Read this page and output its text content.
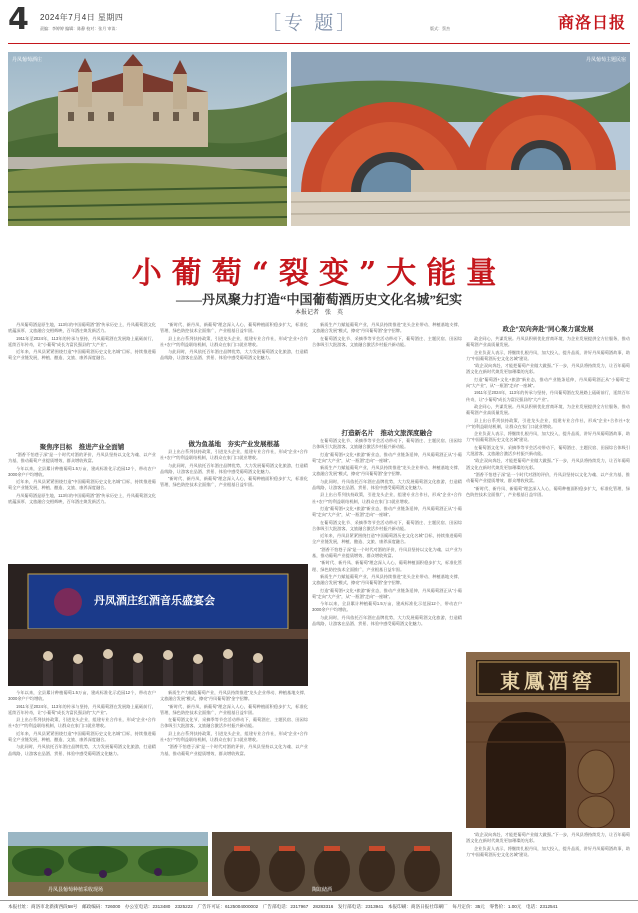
4 2024年7月4日 星期四
责编：李婷婷 编辑：陈静 校对：张月 审读：	［专 题］	版式：蔡杰	商洛日报
丹凤葡萄酒庄	丹凤葡萄主题民宿
小葡萄“裂变”大能量
——丹凤聚力打造“中国葡萄酒历史文化名城”纪实
本报记者　张　英

丹凤葡萄酒是原生地，113年的中国葡萄酒“酒”传承历史上，丹凤葡萄酒文化底蕴深厚、文旅融合交相辉映，百年酒庄焕发新活力。

1911年至2024年，113年的传承与坚持，丹凤葡萄酒在发展路上砥砺前行，延续百年传奇，让“小葡萄”成长为富民强县的“大产业”。

近年来，丹凤县紧紧围绕打造“中国葡萄酒历史文化名城”目标，持续推进葡萄全产业链发展，种植、酿造、文旅、康养深度融合。

聚焦序目标　推进产业全面铺

“酒香不怕巷子深”是一个时代对酒的评价，丹凤县坚持以文化为魂、以产业为基，推动葡萄产业提质增效、群众增收致富。

今年以来，全县累计种植葡萄1.5万亩，建成标准化示范园12个，带动农户3000余户户均增收。

近年来，丹凤县紧紧围绕打造“中国葡萄酒历史文化名城”目标，持续推进葡萄全产业链发展，种植、酿造、文旅、康养深度融合。

丹凤葡萄酒是原生地，113年的中国葡萄酒“酒”传承历史上，丹凤葡萄酒文化底蕴深厚、文旅融合交相辉映，百年酒庄焕发新活力。

“新时代、新丹凤、新葡萄”理念深入人心，葡萄种植面积稳步扩大，标准化管理、绿色防控技术全面推广，产业根基日益牢固。

县上出台系列扶持政策，引进龙头企业，组建专业合作社，形成“企业+合作社+农户”的利益联结机制，让群众在家门口就业增收。

与此同时，丹凤依托百年酒庄品牌优势，大力发展葡萄酒文化旅游，打造精品线路，让游客在品酒、赏景、体验中感受葡萄酒文化魅力。

做为鱼基地　夯实产业发展根基

县上出台系列扶持政策，引进龙头企业，组建专业合作社，形成“企业+合作社+农户”的利益联结机制，让群众在家门口就业增收。

与此同时，丹凤依托百年酒庄品牌优势，大力发展葡萄酒文化旅游，打造精品线路，让游客在品酒、赏景、体验中感受葡萄酒文化魅力。

“新时代、新丹凤、新葡萄”理念深入人心，葡萄种植面积稳步扩大，标准化管理、绿色防控技术全面推广，产业根基日益牢固。

新质生产力赋能葡萄产业，丹凤县持续推进“龙头企业带动、种植基地支撑、文旅融合发展”模式，擦亮“丹凤葡萄酒”金字招牌。

在葡萄酒文化节、采摘季等节会活动带动下，葡萄酒庄、主题民宿、田园综合体吸引大批游客，文旅融合激活乡村振兴新动能。

打造新名片　推动文旅深度融合

在葡萄酒文化节、采摘季等节会活动带动下，葡萄酒庄、主题民宿、田园综合体吸引大批游客，文旅融合激活乡村振兴新动能。

打造“葡萄酒+文化+旅游”新业态，推动产业链条延伸，丹凤葡萄酒正从“小葡萄”走向“大产业”，从“一瓶酒”走向“一座城”。

新质生产力赋能葡萄产业，丹凤县持续推进“龙头企业带动、种植基地支撑、文旅融合发展”模式，擦亮“丹凤葡萄酒”金字招牌。

与此同时，丹凤依托百年酒庄品牌优势，大力发展葡萄酒文化旅游，打造精品线路，让游客在品酒、赏景、体验中感受葡萄酒文化魅力。

县上出台系列扶持政策，引进龙头企业，组建专业合作社，形成“企业+合作社+农户”的利益联结机制，让群众在家门口就业增收。

打造“葡萄酒+文化+旅游”新业态，推动产业链条延伸，丹凤葡萄酒正从“小葡萄”走向“大产业”，从“一瓶酒”走向“一座城”。

在葡萄酒文化节、采摘季等节会活动带动下，葡萄酒庄、主题民宿、田园综合体吸引大批游客，文旅融合激活乡村振兴新动能。

近年来，丹凤县紧紧围绕打造“中国葡萄酒历史文化名城”目标，持续推进葡萄全产业链发展，种植、酿造、文旅、康养深度融合。

“酒香不怕巷子深”是一个时代对酒的评价，丹凤县坚持以文化为魂、以产业为基，推动葡萄产业提质增效、群众增收致富。

“新时代、新丹凤、新葡萄”理念深入人心，葡萄种植面积稳步扩大，标准化管理、绿色防控技术全面推广，产业根基日益牢固。

新质生产力赋能葡萄产业，丹凤县持续推进“龙头企业带动、种植基地支撑、文旅融合发展”模式，擦亮“丹凤葡萄酒”金字招牌。

打造“葡萄酒+文化+旅游”新业态，推动产业链条延伸，丹凤葡萄酒正从“小葡萄”走向“大产业”，从“一瓶酒”走向“一座城”。

今年以来，全县累计种植葡萄1.5万亩，建成标准化示范园12个，带动农户3000余户户均增收。

与此同时，丹凤依托百年酒庄品牌优势，大力发展葡萄酒文化旅游，打造精品线路，让游客在品酒、赏景、体验中感受葡萄酒文化魅力。

政企“双向奔赴”同心聚力谋发展

政企同心，共谋发展。丹凤县积极优化营商环境，为企业发展提供全方位服务，推动葡萄酒产业高质量发展。

企业负责人表示，将继续扎根丹凤，加大投入，提升品质，讲好丹凤葡萄酒故事，助力“中国葡萄酒历史文化名城”建设。

“政企双向奔赴，才能把葡萄产业做大做强。”下一步，丹凤县将持续发力，让百年葡萄酒文化在新时代焕发更加璀璨的光彩。

打造“葡萄酒+文化+旅游”新业态，推动产业链条延伸，丹凤葡萄酒正从“小葡萄”走向“大产业”，从“一瓶酒”走向“一座城”。

1911年至2024年，113年的传承与坚持，丹凤葡萄酒在发展路上砥砺前行，延续百年传奇，让“小葡萄”成长为富民强县的“大产业”。

政企同心，共谋发展。丹凤县积极优化营商环境，为企业发展提供全方位服务，推动葡萄酒产业高质量发展。

县上出台系列扶持政策，引进龙头企业，组建专业合作社，形成“企业+合作社+农户”的利益联结机制，让群众在家门口就业增收。

企业负责人表示，将继续扎根丹凤，加大投入，提升品质，讲好丹凤葡萄酒故事，助力“中国葡萄酒历史文化名城”建设。

在葡萄酒文化节、采摘季等节会活动带动下，葡萄酒庄、主题民宿、田园综合体吸引大批游客，文旅融合激活乡村振兴新动能。

“政企双向奔赴，才能把葡萄产业做大做强。”下一步，丹凤县将持续发力，让百年葡萄酒文化在新时代焕发更加璀璨的光彩。

“酒香不怕巷子深”是一个时代对酒的评价，丹凤县坚持以文化为魂、以产业为基，推动葡萄产业提质增效、群众增收致富。

“新时代、新丹凤、新葡萄”理念深入人心，葡萄种植面积稳步扩大，标准化管理、绿色防控技术全面推广，产业根基日益牢固。

丹凤酒庄红酒音乐盛宴会

今年以来，全县累计种植葡萄1.5万亩，建成标准化示范园12个，带动农户3000余户户均增收。

1911年至2024年，113年的传承与坚持，丹凤葡萄酒在发展路上砥砺前行，延续百年传奇，让“小葡萄”成长为富民强县的“大产业”。

县上出台系列扶持政策，引进龙头企业，组建专业合作社，形成“企业+合作社+农户”的利益联结机制，让群众在家门口就业增收。

近年来，丹凤县紧紧围绕打造“中国葡萄酒历史文化名城”目标，持续推进葡萄全产业链发展，种植、酿造、文旅、康养深度融合。

与此同时，丹凤依托百年酒庄品牌优势，大力发展葡萄酒文化旅游，打造精品线路，让游客在品酒、赏景、体验中感受葡萄酒文化魅力。

新质生产力赋能葡萄产业，丹凤县持续推进“龙头企业带动、种植基地支撑、文旅融合发展”模式，擦亮“丹凤葡萄酒”金字招牌。

“新时代、新丹凤、新葡萄”理念深入人心，葡萄种植面积稳步扩大，标准化管理、绿色防控技术全面推广，产业根基日益牢固。

在葡萄酒文化节、采摘季等节会活动带动下，葡萄酒庄、主题民宿、田园综合体吸引大批游客，文旅融合激活乡村振兴新动能。

县上出台系列扶持政策，引进龙头企业，组建专业合作社，形成“企业+合作社+农户”的利益联结机制，让群众在家门口就业增收。

“酒香不怕巷子深”是一个时代对酒的评价，丹凤县坚持以文化为魂、以产业为基，推动葡萄产业提质增效、群众增收致富。

東鳳酒窖
丹凤县葡萄种植采收现场	陶缸储酒

“政企双向奔赴，才能把葡萄产业做大做强。”下一步，丹凤县将持续发力，让百年葡萄酒文化在新时代焕发更加璀璨的光彩。

企业负责人表示，将继续扎根丹凤，加大投入，提升品质，讲好丹凤葡萄酒故事，助力“中国葡萄酒历史文化名城”建设。

本报社址：商洛市北新街西段58号　邮政编码：726000　办公室电话：2313480　2325222　广告许可证：6125004000002　广告部电话：2317967　28283316　发行部电话：2313941　本报印刷：商洛日报社印刷厂　每月定价：35元　零售价：1.00元　电话：2312541
